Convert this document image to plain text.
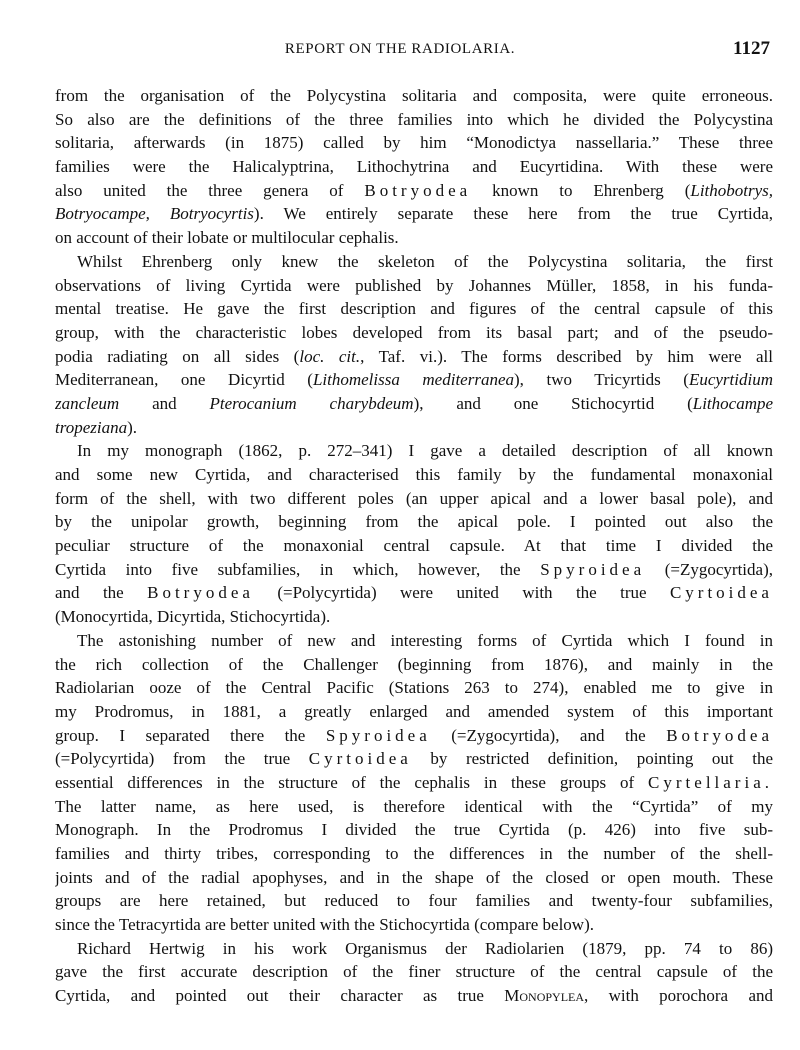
REPORT ON THE RADIOLARIA.	1127
from the organisation of the Polycystina solitaria and composita, were quite erroneous.
So also are the definitions of the three families into which he divided the Polycystina
solitaria, afterwards (in 1875) called by him “Monodictya nassellaria.” These three
families were the Halicalyptrina, Lithochytrina and Eucyrtidina. With these were
also united the three genera of Botryodea known to Ehrenberg (Lithobotrys,
Botryocampe, Botryocyrtis). We entirely separate these here from the true Cyrtida,
on account of their lobate or multilocular cephalis.
Whilst Ehrenberg only knew the skeleton of the Polycystina solitaria, the first
observations of living Cyrtida were published by Johannes Müller, 1858, in his funda-
mental treatise. He gave the first description and figures of the central capsule of this
group, with the characteristic lobes developed from its basal part; and of the pseudo-
podia radiating on all sides (loc. cit., Taf. vi.). The forms described by him were all
Mediterranean, one Dicyrtid (Lithomelissa mediterranea), two Tricyrtids (Eucyrtidium
zancleum and Pterocanium charybdeum), and one Stichocyrtid (Lithocampe
tropeziana).
In my monograph (1862, p. 272–341) I gave a detailed description of all known
and some new Cyrtida, and characterised this family by the fundamental monaxonial
form of the shell, with two different poles (an upper apical and a lower basal pole), and
by the unipolar growth, beginning from the apical pole. I pointed out also the
peculiar structure of the monaxonial central capsule. At that time I divided the
Cyrtida into five subfamilies, in which, however, the Spyroidea (=Zygocyrtida),
and the Botryodea (=Polycyrtida) were united with the true Cyrtoidea
(Monocyrtida, Dicyrtida, Stichocyrtida).
The astonishing number of new and interesting forms of Cyrtida which I found in
the rich collection of the Challenger (beginning from 1876), and mainly in the
Radiolarian ooze of the Central Pacific (Stations 263 to 274), enabled me to give in
my Prodromus, in 1881, a greatly enlarged and amended system of this important
group. I separated there the Spyroidea (=Zygocyrtida), and the Botryodea
(=Polycyrtida) from the true Cyrtoidea by restricted definition, pointing out the
essential differences in the structure of the cephalis in these groups of Cyrtellaria.
The latter name, as here used, is therefore identical with the “Cyrtida” of my
Monograph. In the Prodromus I divided the true Cyrtida (p. 426) into five sub-
families and thirty tribes, corresponding to the differences in the number of the shell-
joints and of the radial apophyses, and in the shape of the closed or open mouth. These
groups are here retained, but reduced to four families and twenty-four subfamilies,
since the Tetracyrtida are better united with the Stichocyrtida (compare below).
Richard Hertwig in his work Organismus der Radiolarien (1879, pp. 74 to 86)
gave the first accurate description of the finer structure of the central capsule of the
Cyrtida, and pointed out their character as true Monopylea, with porochora and
